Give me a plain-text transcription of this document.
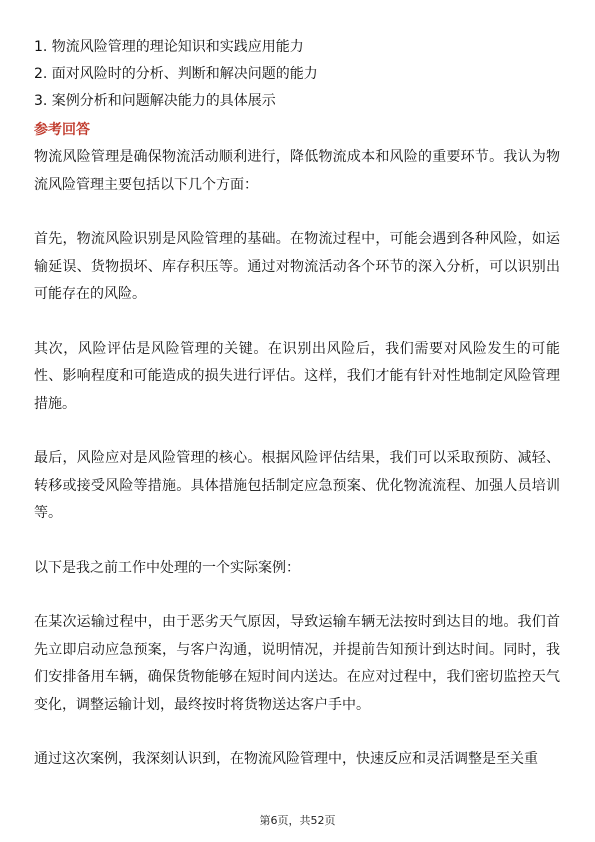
1. 物流风险管理的理论知识和实践应用能力
2. 面对风险时的分析、判断和解决问题的能力
3. 案例分析和问题解决能力的具体展示
参考回答

物流风险管理是确保物流活动顺利进行，降低物流成本和风险的重要环节。我认为物流风险管理主要包括以下几个方面：

首先，物流风险识别是风险管理的基础。在物流过程中，可能会遇到各种风险，如运输延误、货物损坏、库存积压等。通过对物流活动各个环节的深入分析，可以识别出可能存在的风险。

其次，风险评估是风险管理的关键。在识别出风险后，我们需要对风险发生的可能性、影响程度和可能造成的损失进行评估。这样，我们才能有针对性地制定风险管理措施。

最后，风险应对是风险管理的核心。根据风险评估结果，我们可以采取预防、减轻、转移或接受风险等措施。具体措施包括制定应急预案、优化物流流程、加强人员培训等。

以下是我之前工作中处理的一个实际案例：

在某次运输过程中，由于恶劣天气原因，导致运输车辆无法按时到达目的地。我们首先立即启动应急预案，与客户沟通，说明情况，并提前告知预计到达时间。同时，我们安排备用车辆，确保货物能够在短时间内送达。在应对过程中，我们密切监控天气变化，调整运输计划，最终按时将货物送达客户手中。

通过这次案例，我深刻认识到，在物流风险管理中，快速反应和灵活调整是至关重

第6页，共52页
